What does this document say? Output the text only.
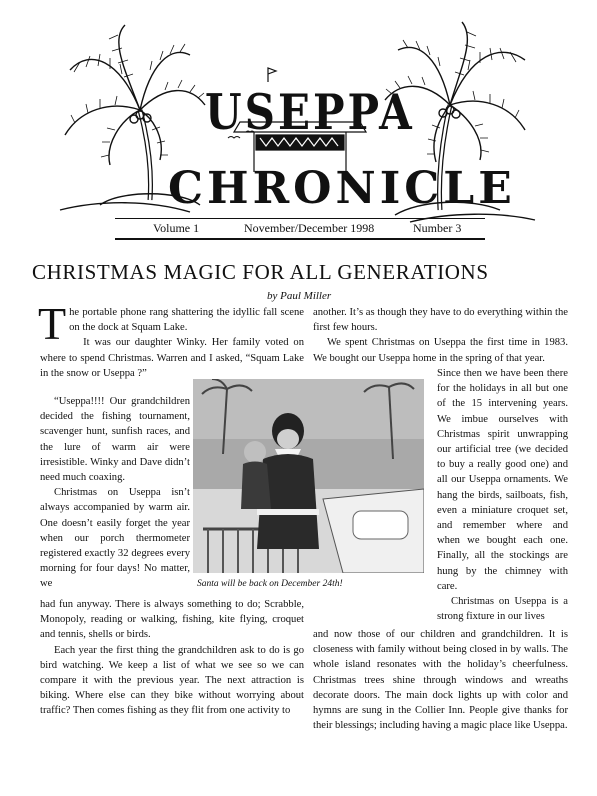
USEPPA
CHRONICLE
Volume 1	November/December 1998	Number 3
CHRISTMAS MAGIC FOR ALL GENERATIONS
by Paul Miller

The portable phone rang shattering the idyllic fall scene on the dock at Squam Lake.

It was our daughter Winky. Her family voted on where to spend Christmas. Warren and I asked, “Squam Lake in the snow or Useppa ?”

“Useppa!!!! Our grandchildren decided the fishing tournament, scavenger hunt, sunfish races, and the lure of warm air were irresistible. Winky and Dave didn’t need much coaxing.

Christmas on Useppa isn’t always accompanied by warm air. One doesn’t easily forget the year when our porch thermometer registered exactly 32 degrees every morning for four days! No matter, we

had fun anyway. There is always something to do; Scrabble, Monopoly, reading or walking, fishing, kite flying, croquet and tennis, shells or birds.

Each year the first thing the grandchildren ask to do is go bird watching. We keep a list of what we see so we can compare it with the previous year. The next attraction is biking. Where else can they bike without worrying about traffic? Then comes fishing as they flit from one activity to

Santa will be back on December 24th!

another. It’s as though they have to do everything within the first few hours.

We spent Christmas on Useppa the first time in 1983. We bought our Useppa home in the spring of that year.

Since then we have been there for the holidays in all but one of the 15 intervening years. We imbue ourselves with Christmas spirit unwrapping our artificial tree (we decided to buy a really good one) and all our Useppa ornaments. We hang the birds, sailboats, fish, even a miniature croquet set, and remember where and when we bought each one. Finally, all the stockings are hung by the chimney with care.

Christmas on Useppa is a strong fixture in our lives

and now those of our children and grandchildren. It is closeness with family without being closed in by walls. The whole island resonates with the holiday’s cheerfulness. Christmas trees shine through windows and wreaths decorate doors. The main dock lights up with color and hymns are sung in the Collier Inn. People give thanks for their blessings; including having a magic place like Useppa.
